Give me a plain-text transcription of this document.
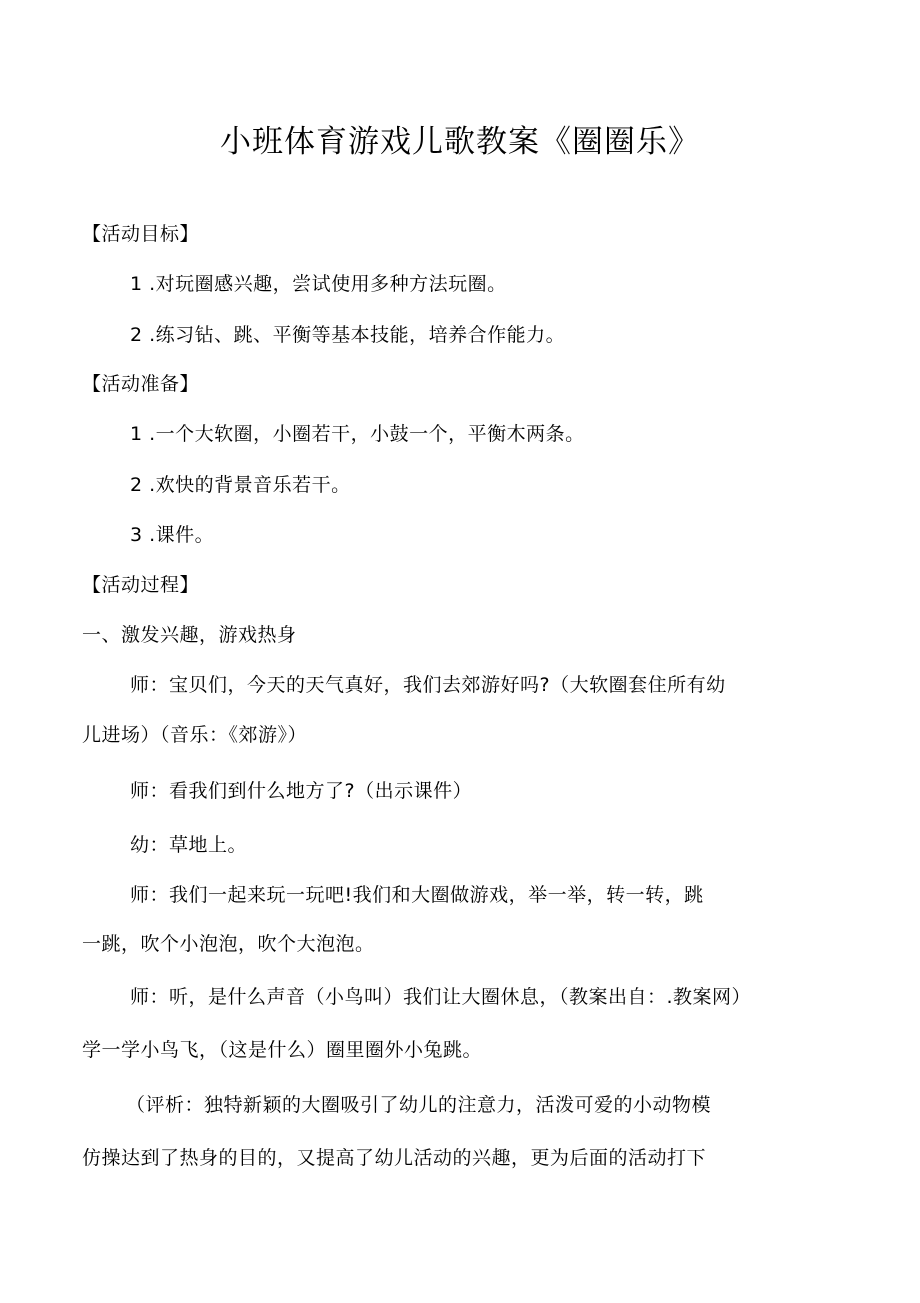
小班体育游戏儿歌教案《圈圈乐》
【活动目标】
1 .对玩圈感兴趣，尝试使用多种方法玩圈。
2 .练习钻、跳、平衡等基本技能，培养合作能力。
【活动准备】
1 .一个大软圈，小圈若干，小鼓一个，平衡木两条。
2 .欢快的背景音乐若干。
3 .课件。
【活动过程】
一、激发兴趣，游戏热身
师：宝贝们，今天的天气真好，我们去郊游好吗?（大软圈套住所有幼
儿进场）（音乐：《郊游》）
师：看我们到什么地方了?（出示课件）
幼：草地上。
师：我们一起来玩一玩吧!我们和大圈做游戏，举一举，转一转，跳
一跳，吹个小泡泡，吹个大泡泡。
师：听，是什么声音（小鸟叫）我们让大圈休息，（教案出自：.教案网）
学一学小鸟飞，（这是什么）圈里圈外小兔跳。
（评析：独特新颖的大圈吸引了幼儿的注意力，活泼可爱的小动物模
仿操达到了热身的目的，又提高了幼儿活动的兴趣，更为后面的活动打下
